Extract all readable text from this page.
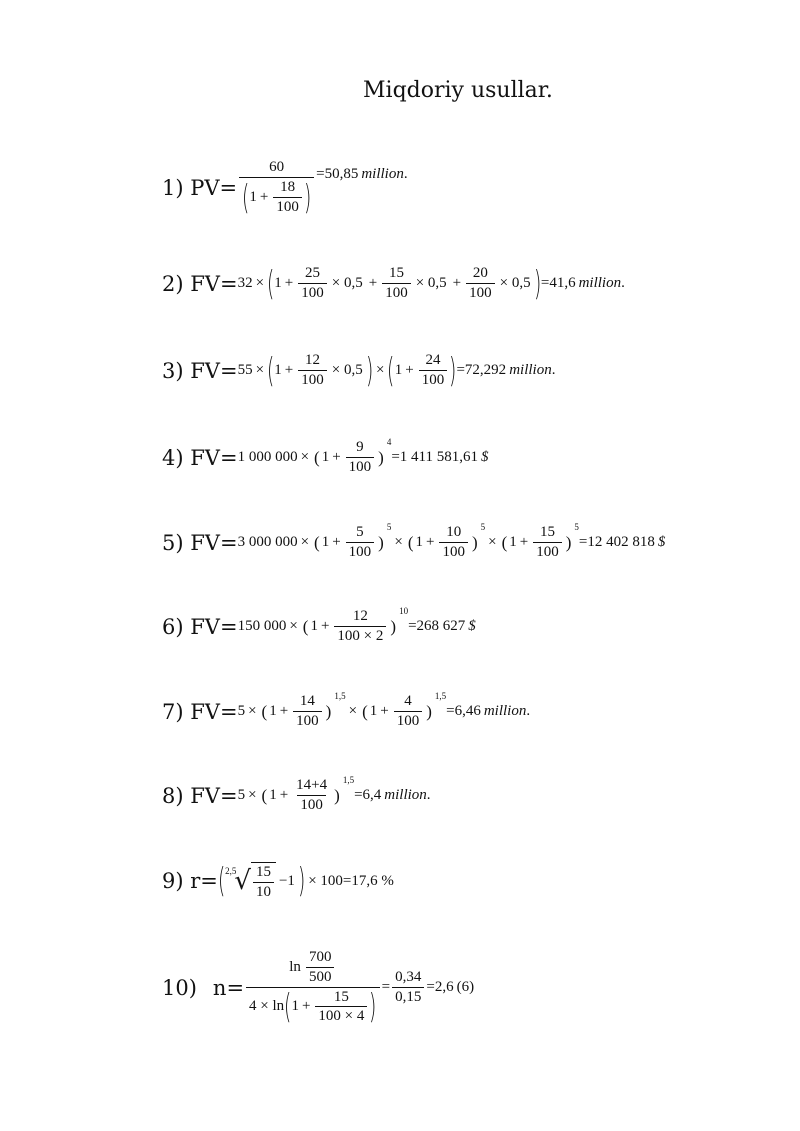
Miqdoriy usullar.
1) PV=
60
( $1 + \frac{18}{100}$ )
=50,85 million .
2) FV= 32 × ( $1 + \frac{25}{100} \times 0,5 + \frac{15}{100} \times 0,5 + \frac{20}{100} \times 0,5$ ) =41,6 million .
3) FV= 55 × ( $1 + \frac{12}{100} \times 0,5$ ) × ( $1 + \frac{24}{100}$ ) =72,292 million .
4) FV= 1 000 000 × ( $1 + \frac{9}{100}$ )
4
=1 411 581,61 $
5) FV= 3 000 000 × ( $1 + \frac{5}{100}$ )
5
× ( $1 + \frac{10}{100}$ )
5
× ( $1 + \frac{15}{100}$ )
5
=12 402 818 $
6) FV= 150 000 × ( $1 + \frac{12}{100 \times 2}$ )
10
=268 627 $
7) FV= 5 × ( $1 + \frac{14}{100}$ )
1,5
× ( $1 + \frac{4}{100}$ )
1,5
=6,46 million .
8) FV= 5 × ( $1 + \frac{14+4}{100}$ )
1,5
=6,4 million .
9) r= ( 2,5
√ $\frac{15}{10} -1$ ) × 100=17,6 %
10) $n= \frac{\ln \frac{700}{500}}{4 \times \ln ( 1 + \frac{15}{100 \times 4} )} = \frac{0,34}{0,15} =2,6$ ( 6 )
